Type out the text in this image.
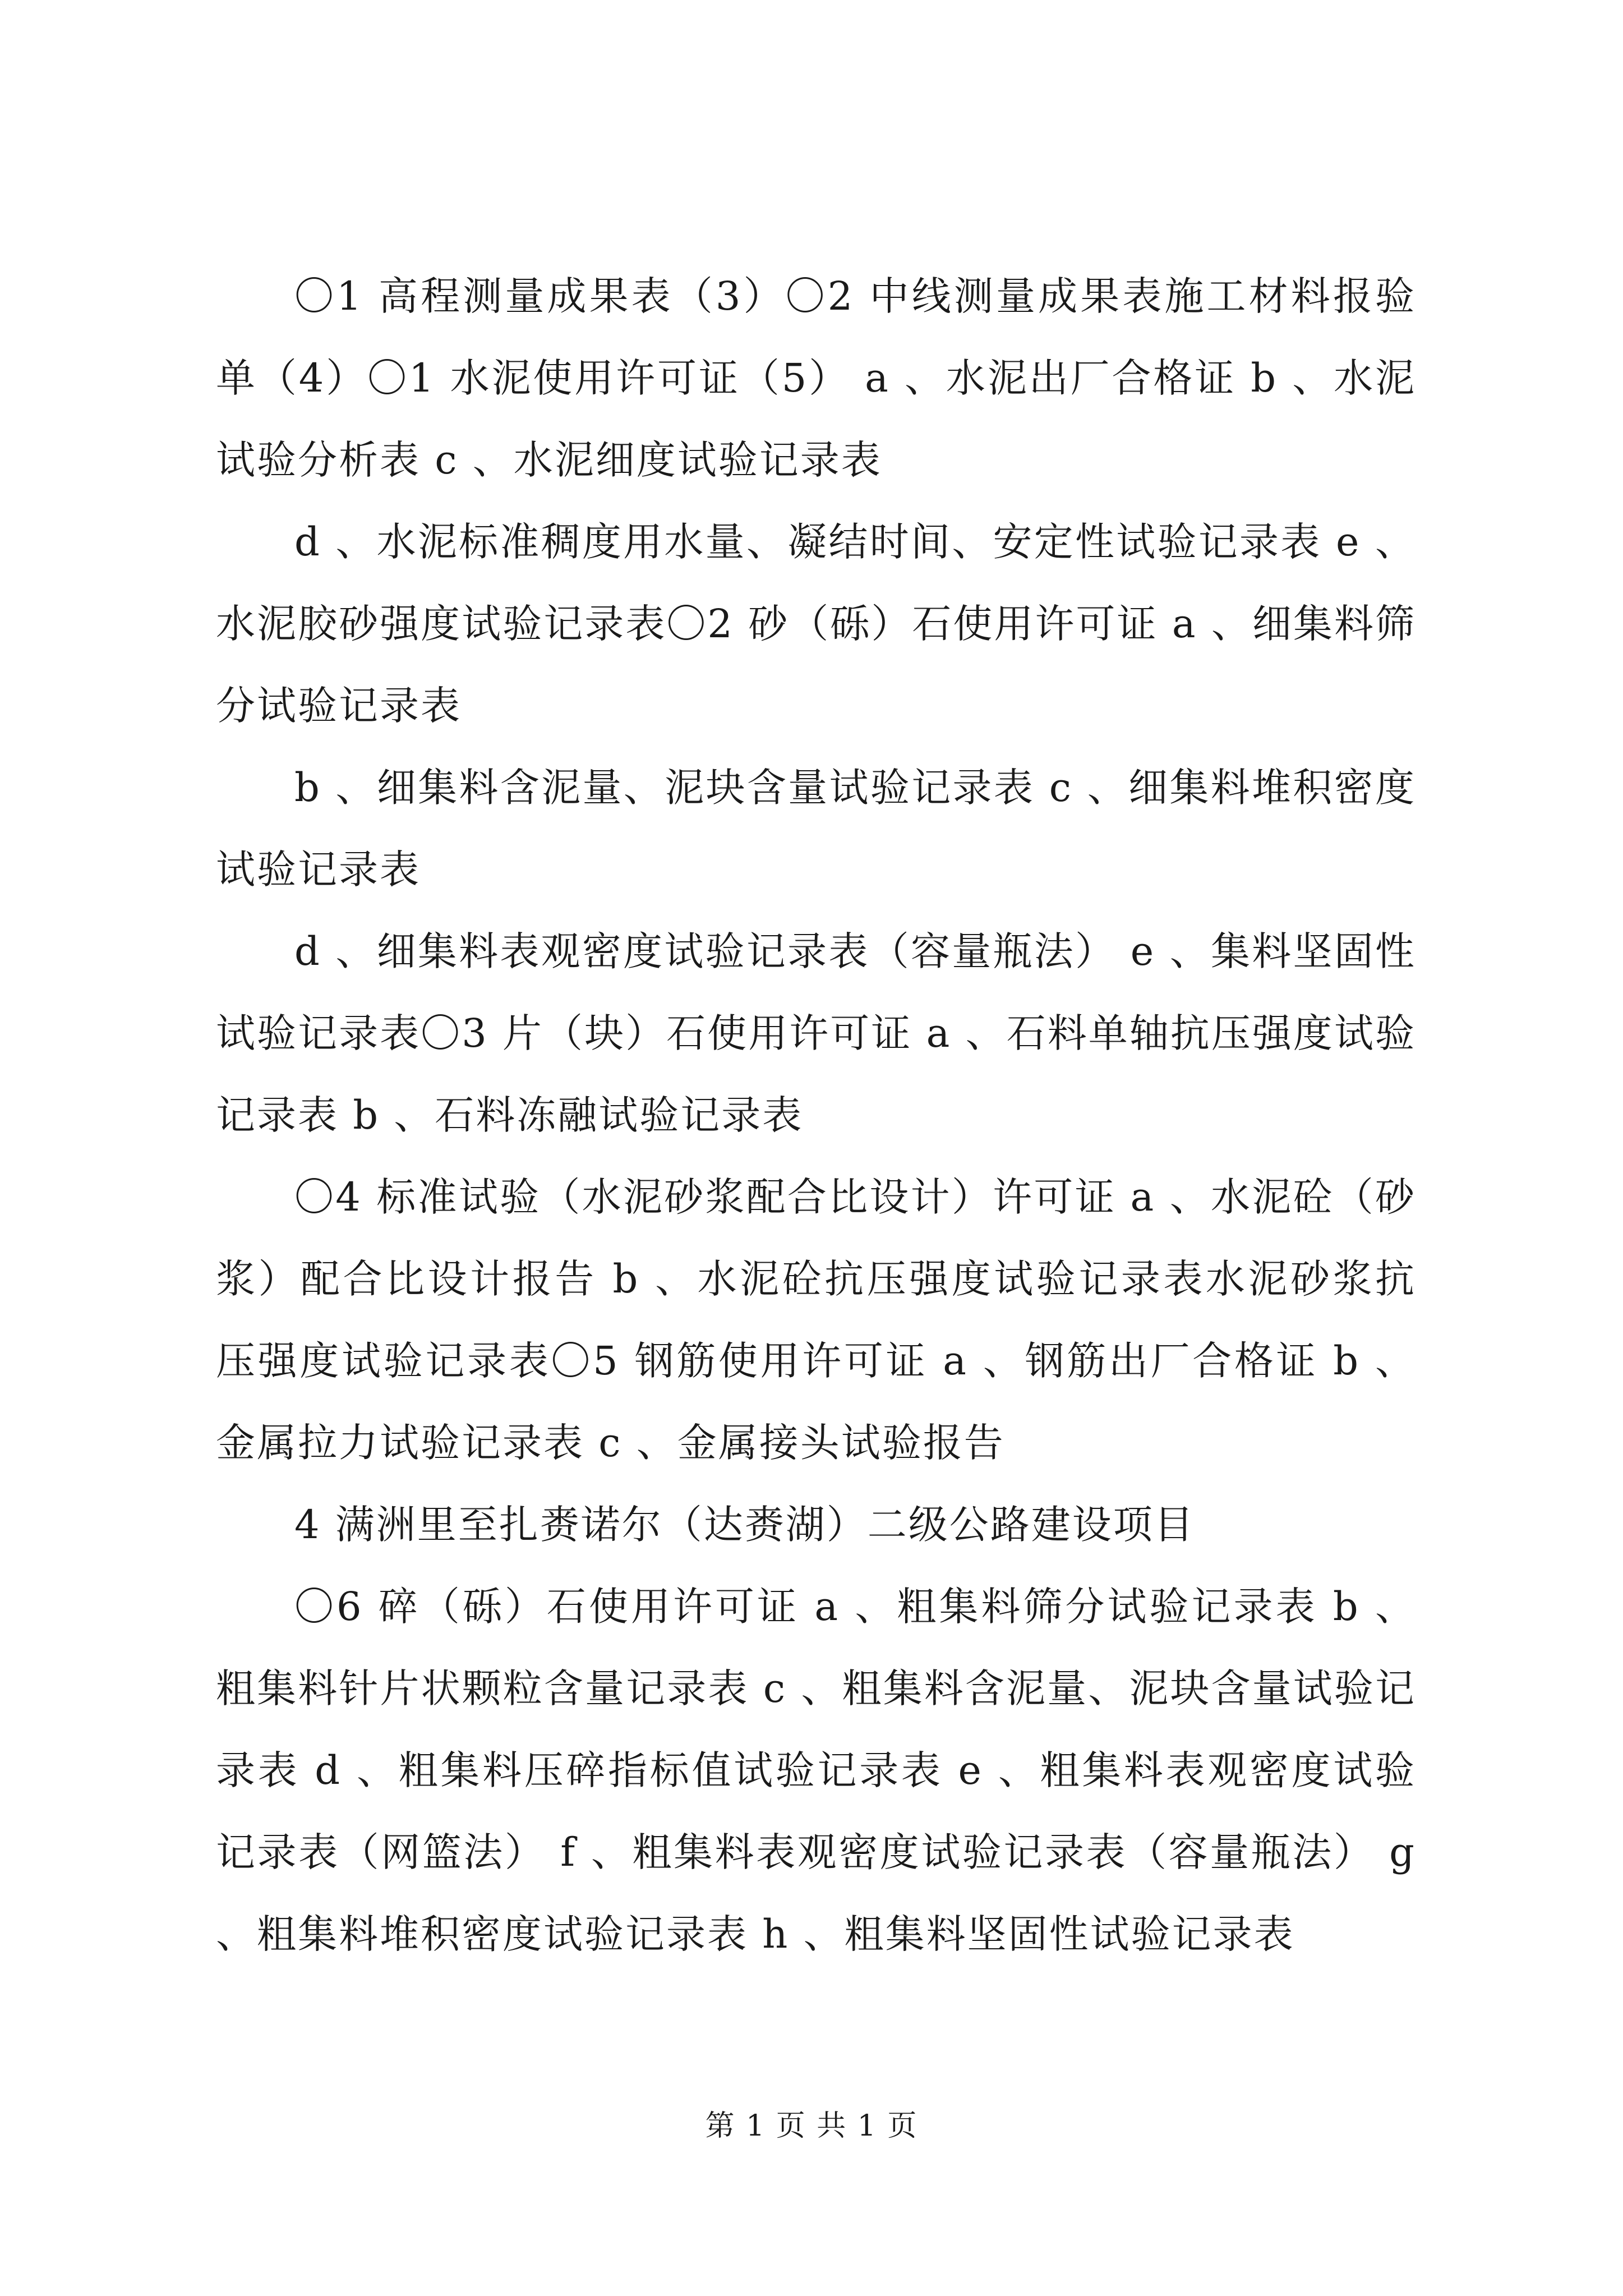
〇1 高程测量成果表（3）〇2 中线测量成果表施工材料报验单（4）〇1 水泥使用许可证（5） a 、水泥出厂合格证 b 、水泥试验分析表 c 、水泥细度试验记录表

d 、水泥标准稠度用水量、凝结时间、安定性试验记录表 e 、水泥胶砂强度试验记录表〇2 砂（砾）石使用许可证 a 、细集料筛分试验记录表

b 、细集料含泥量、泥块含量试验记录表 c 、细集料堆积密度试验记录表

d 、细集料表观密度试验记录表（容量瓶法） e 、集料坚固性试验记录表〇3 片（块）石使用许可证 a 、石料单轴抗压强度试验记录表 b 、石料冻融试验记录表

〇4 标准试验（水泥砂浆配合比设计）许可证 a 、水泥砼（砂浆）配合比设计报告 b 、水泥砼抗压强度试验记录表水泥砂浆抗压强度试验记录表〇5 钢筋使用许可证 a 、钢筋出厂合格证 b 、金属拉力试验记录表 c 、金属接头试验报告

4 满洲里至扎赉诺尔（达赉湖）二级公路建设项目

〇6 碎（砾）石使用许可证 a 、粗集料筛分试验记录表 b 、粗集料针片状颗粒含量记录表 c 、粗集料含泥量、泥块含量试验记录表 d 、粗集料压碎指标值试验记录表 e 、粗集料表观密度试验记录表（网篮法） f 、粗集料表观密度试验记录表（容量瓶法） g 、粗集料堆积密度试验记录表 h 、粗集料坚固性试验记录表

第 1 页 共 1 页
